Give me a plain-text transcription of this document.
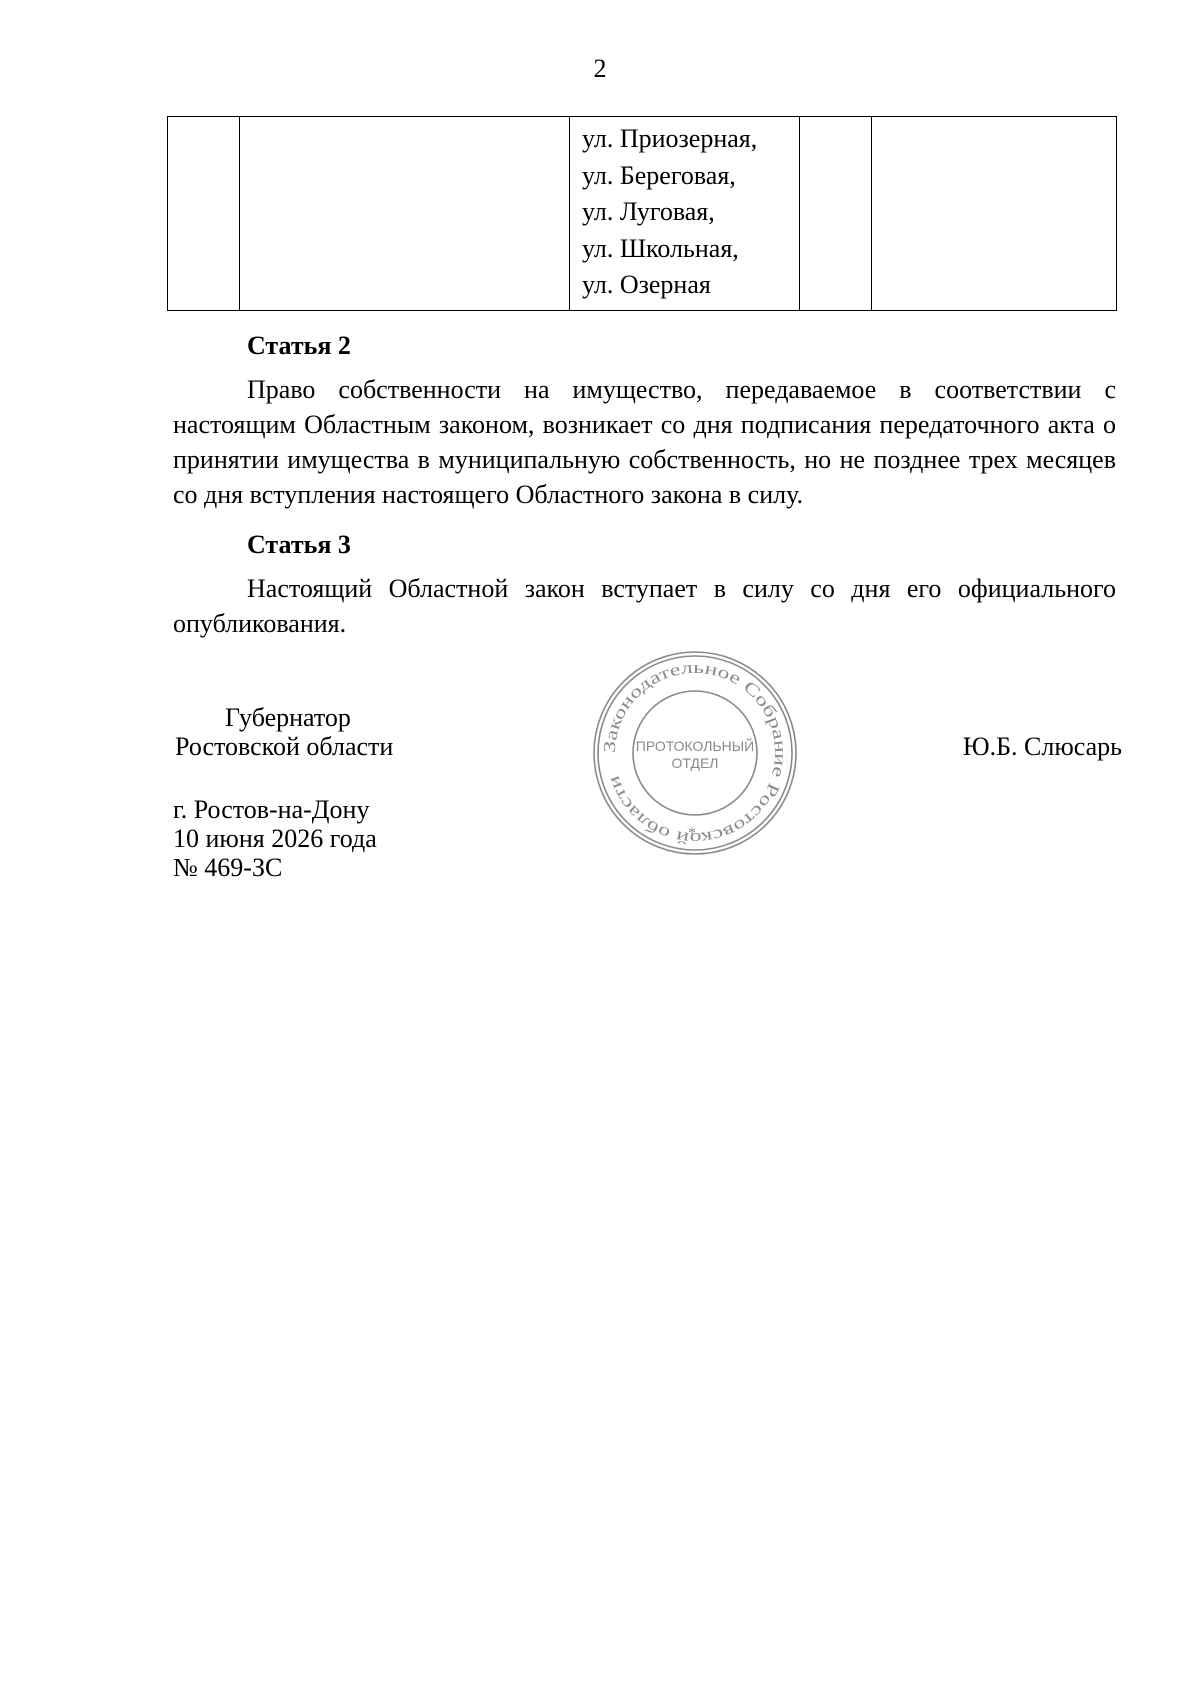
2

ул. Приозерная,
ул. Береговая,
ул. Луговая,
ул. Школьная,
ул. Озерная

Статья 2

Право собственности на имущество, передаваемое в соответствии с настоящим Областным законом, возникает со дня подписания передаточного акта о принятии имущества в муниципальную собственность, но не позднее трех месяцев со дня вступления настоящего Областного закона в силу.

Статья 3

Настоящий Областной закон вступает в силу со дня его официального опубликования.

Губернатор
Ростовской области	Ю.Б. Слюсарь
Законодательное Собрание Ростовской области
*
ПРОТОКОЛЬНЫЙ
ОТДЕЛ
г. Ростов-на-Дону
10 июня 2026 года
№ 469-ЗС
